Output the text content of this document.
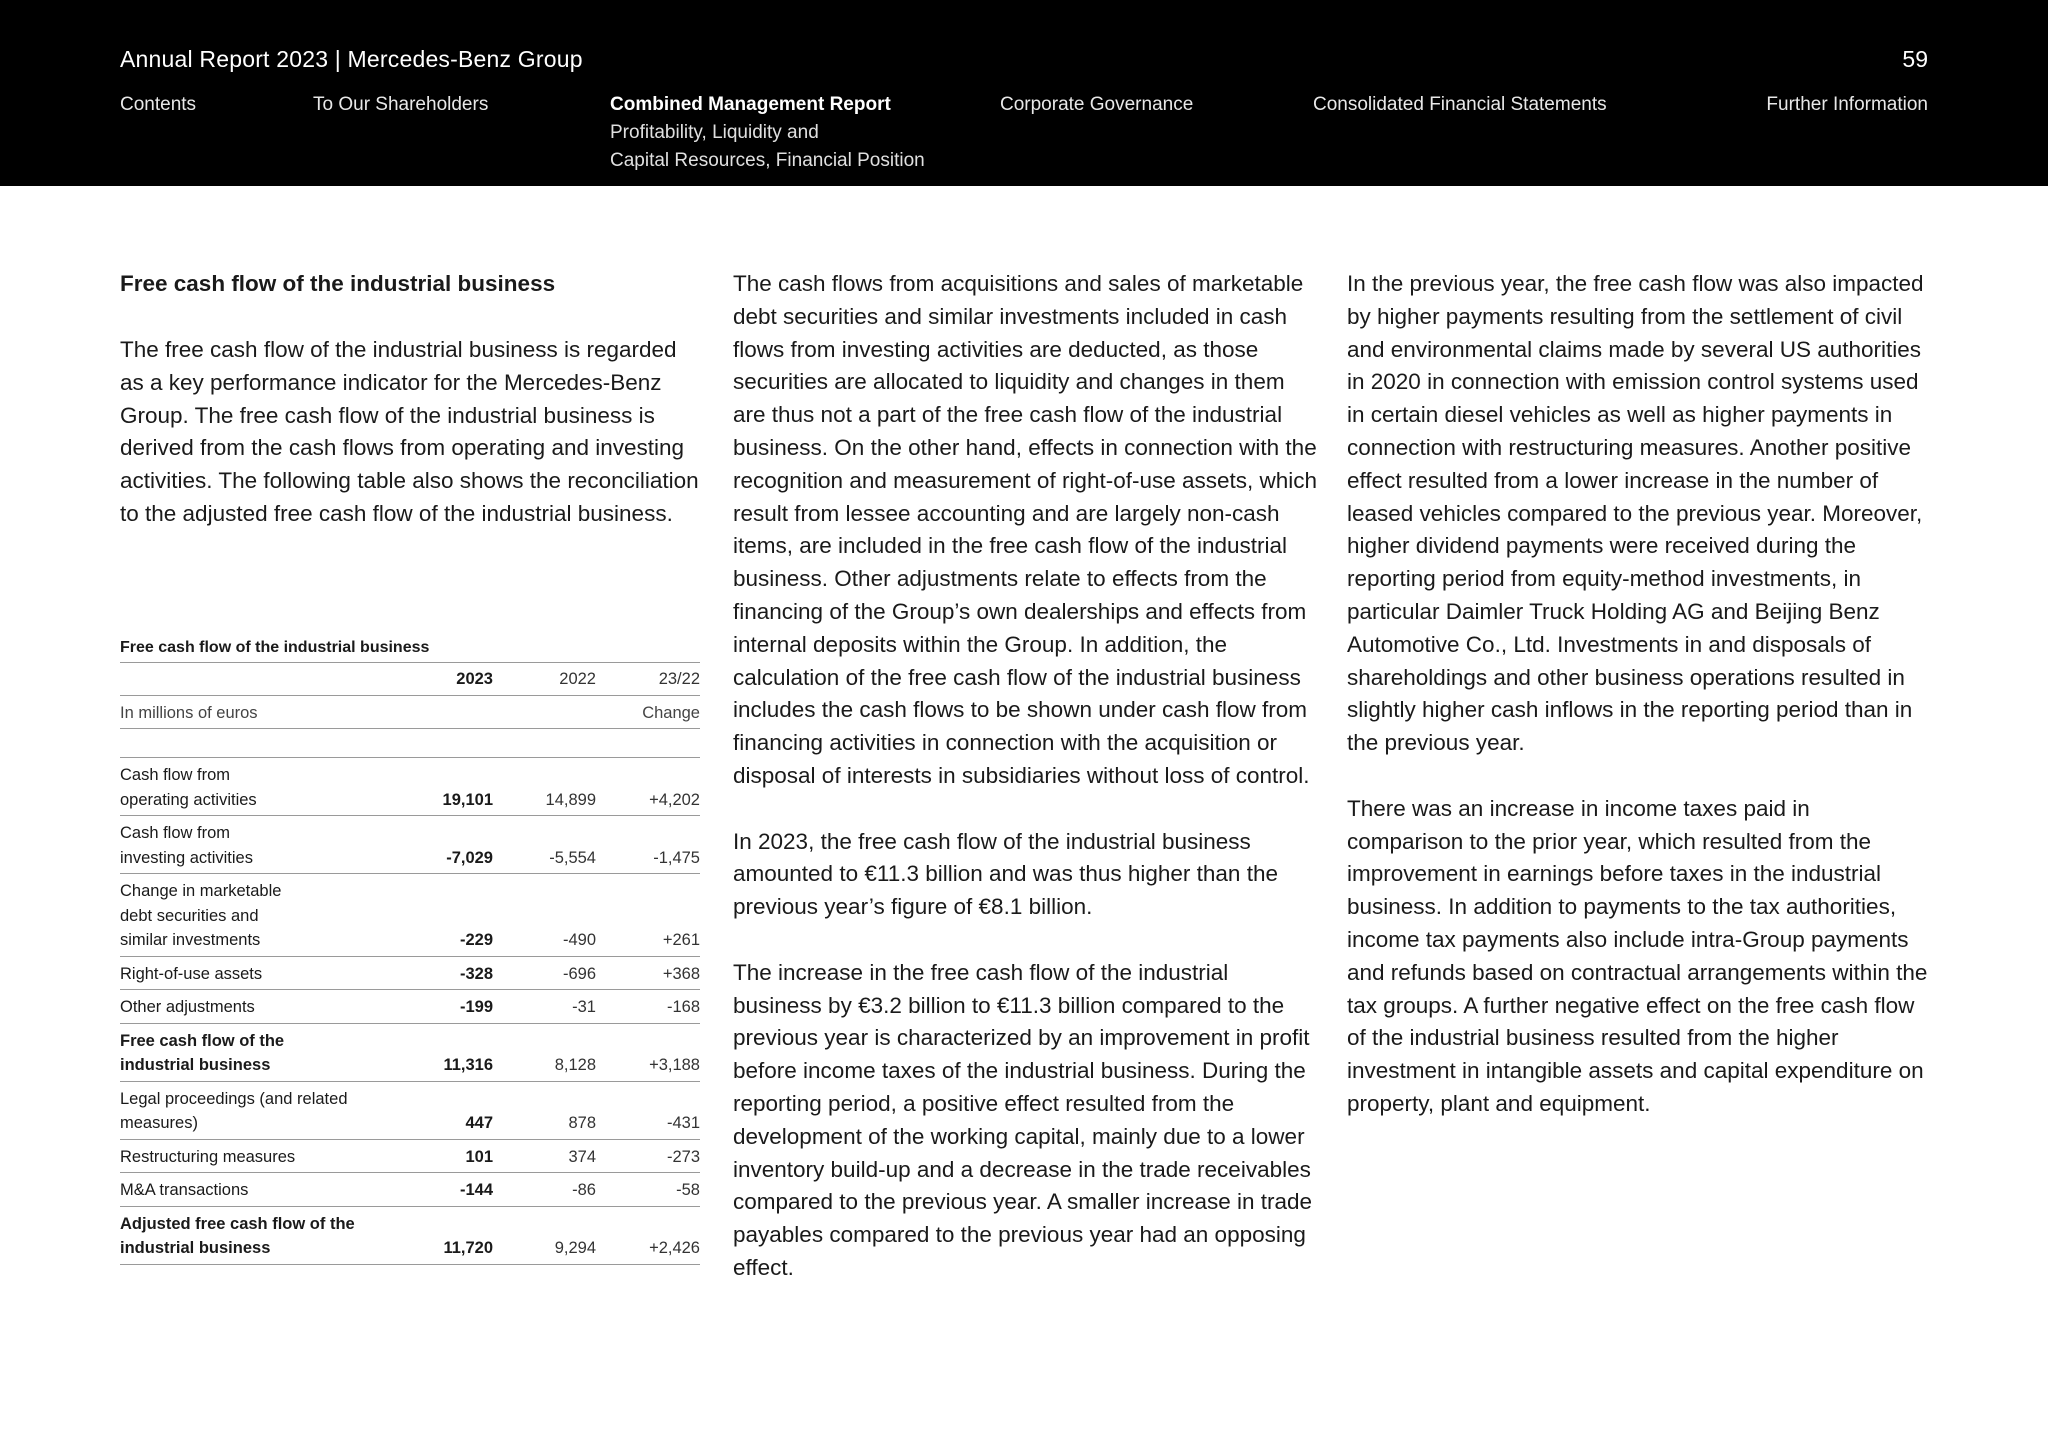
Annual Report 2023 | Mercedes-Benz Group	59
Contents	To Our Shareholders	Combined Management Report
Profitability, Liquidity and
Capital Resources, Financial Position
Corporate Governance	Consolidated Financial Statements	Further Information
Free cash flow of the industrial business

The free cash flow of the industrial business is regarded as a key performance indicator for the Mercedes-Benz Group. The free cash flow of the industrial business is derived from the cash flows from operating and investing activities. The following table also shows the reconciliation to the adjusted free cash flow of the industrial business.

Free cash flow of the industrial business
	2023	2022	23/22
In millions of euros			Change

Cash flow from
operating activities	19,101	14,899	+4,202

Cash flow from
investing activities	-7,029	-5,554	-1,475

Change in marketable
debt securities and
similar investments	-229	-490	+261

Right-of-use assets	-328	-696	+368

Other adjustments	-199	-31	-168

Free cash flow of the
industrial business	11,316	8,128	+3,188

Legal proceedings (and related
measures)	447	878	-431

Restructuring measures	101	374	-273

M&A transactions	-144	-86	-58

Adjusted free cash flow of the
industrial business	11,720	9,294	+2,426

The cash flows from acquisitions and sales of marketable debt securities and similar investments included in cash flows from investing activities are deducted, as those securities are allocated to liquidity and changes in them are thus not a part of the free cash flow of the industrial business. On the other hand, effects in connection with the recognition and measurement of right-of-use assets, which result from lessee accounting and are largely non-cash items, are included in the free cash flow of the industrial business. Other adjustments relate to effects from the financing of the Group’s own dealerships and effects from internal deposits within the Group. In addition, the calculation of the free cash flow of the industrial business includes the cash flows to be shown under cash flow from financing activities in connection with the acquisition or disposal of interests in subsidiaries without loss of control.

In 2023, the free cash flow of the industrial business amounted to €11.3 billion and was thus higher than the previous year’s figure of €8.1 billion.

The increase in the free cash flow of the industrial business by €3.2 billion to €11.3 billion compared to the previous year is characterized by an improvement in profit before income taxes of the industrial business. During the reporting period, a positive effect resulted from the development of the working capital, mainly due to a lower inventory build-up and a decrease in the trade receivables compared to the previous year. A smaller increase in trade payables compared to the previous year had an opposing effect.

In the previous year, the free cash flow was also impacted by higher payments resulting from the settlement of civil and environmental claims made by several US authorities in 2020 in connection with emission control systems used in certain diesel vehicles as well as higher payments in connection with restructuring measures. Another positive effect resulted from a lower increase in the number of leased vehicles compared to the previous year. Moreover, higher dividend payments were received during the reporting period from equity-method investments, in particular Daimler Truck Holding AG and Beijing Benz Automotive Co., Ltd. Investments in and disposals of shareholdings and other business operations resulted in slightly higher cash inflows in the reporting period than in the previous year.

There was an increase in income taxes paid in comparison to the prior year, which resulted from the improvement in earnings before taxes in the industrial business. In addition to payments to the tax authorities, income tax payments also include intra-Group payments and refunds based on contractual arrangements within the tax groups. A further negative effect on the free cash flow of the industrial business resulted from the higher investment in intangible assets and capital expenditure on property, plant and equipment.
